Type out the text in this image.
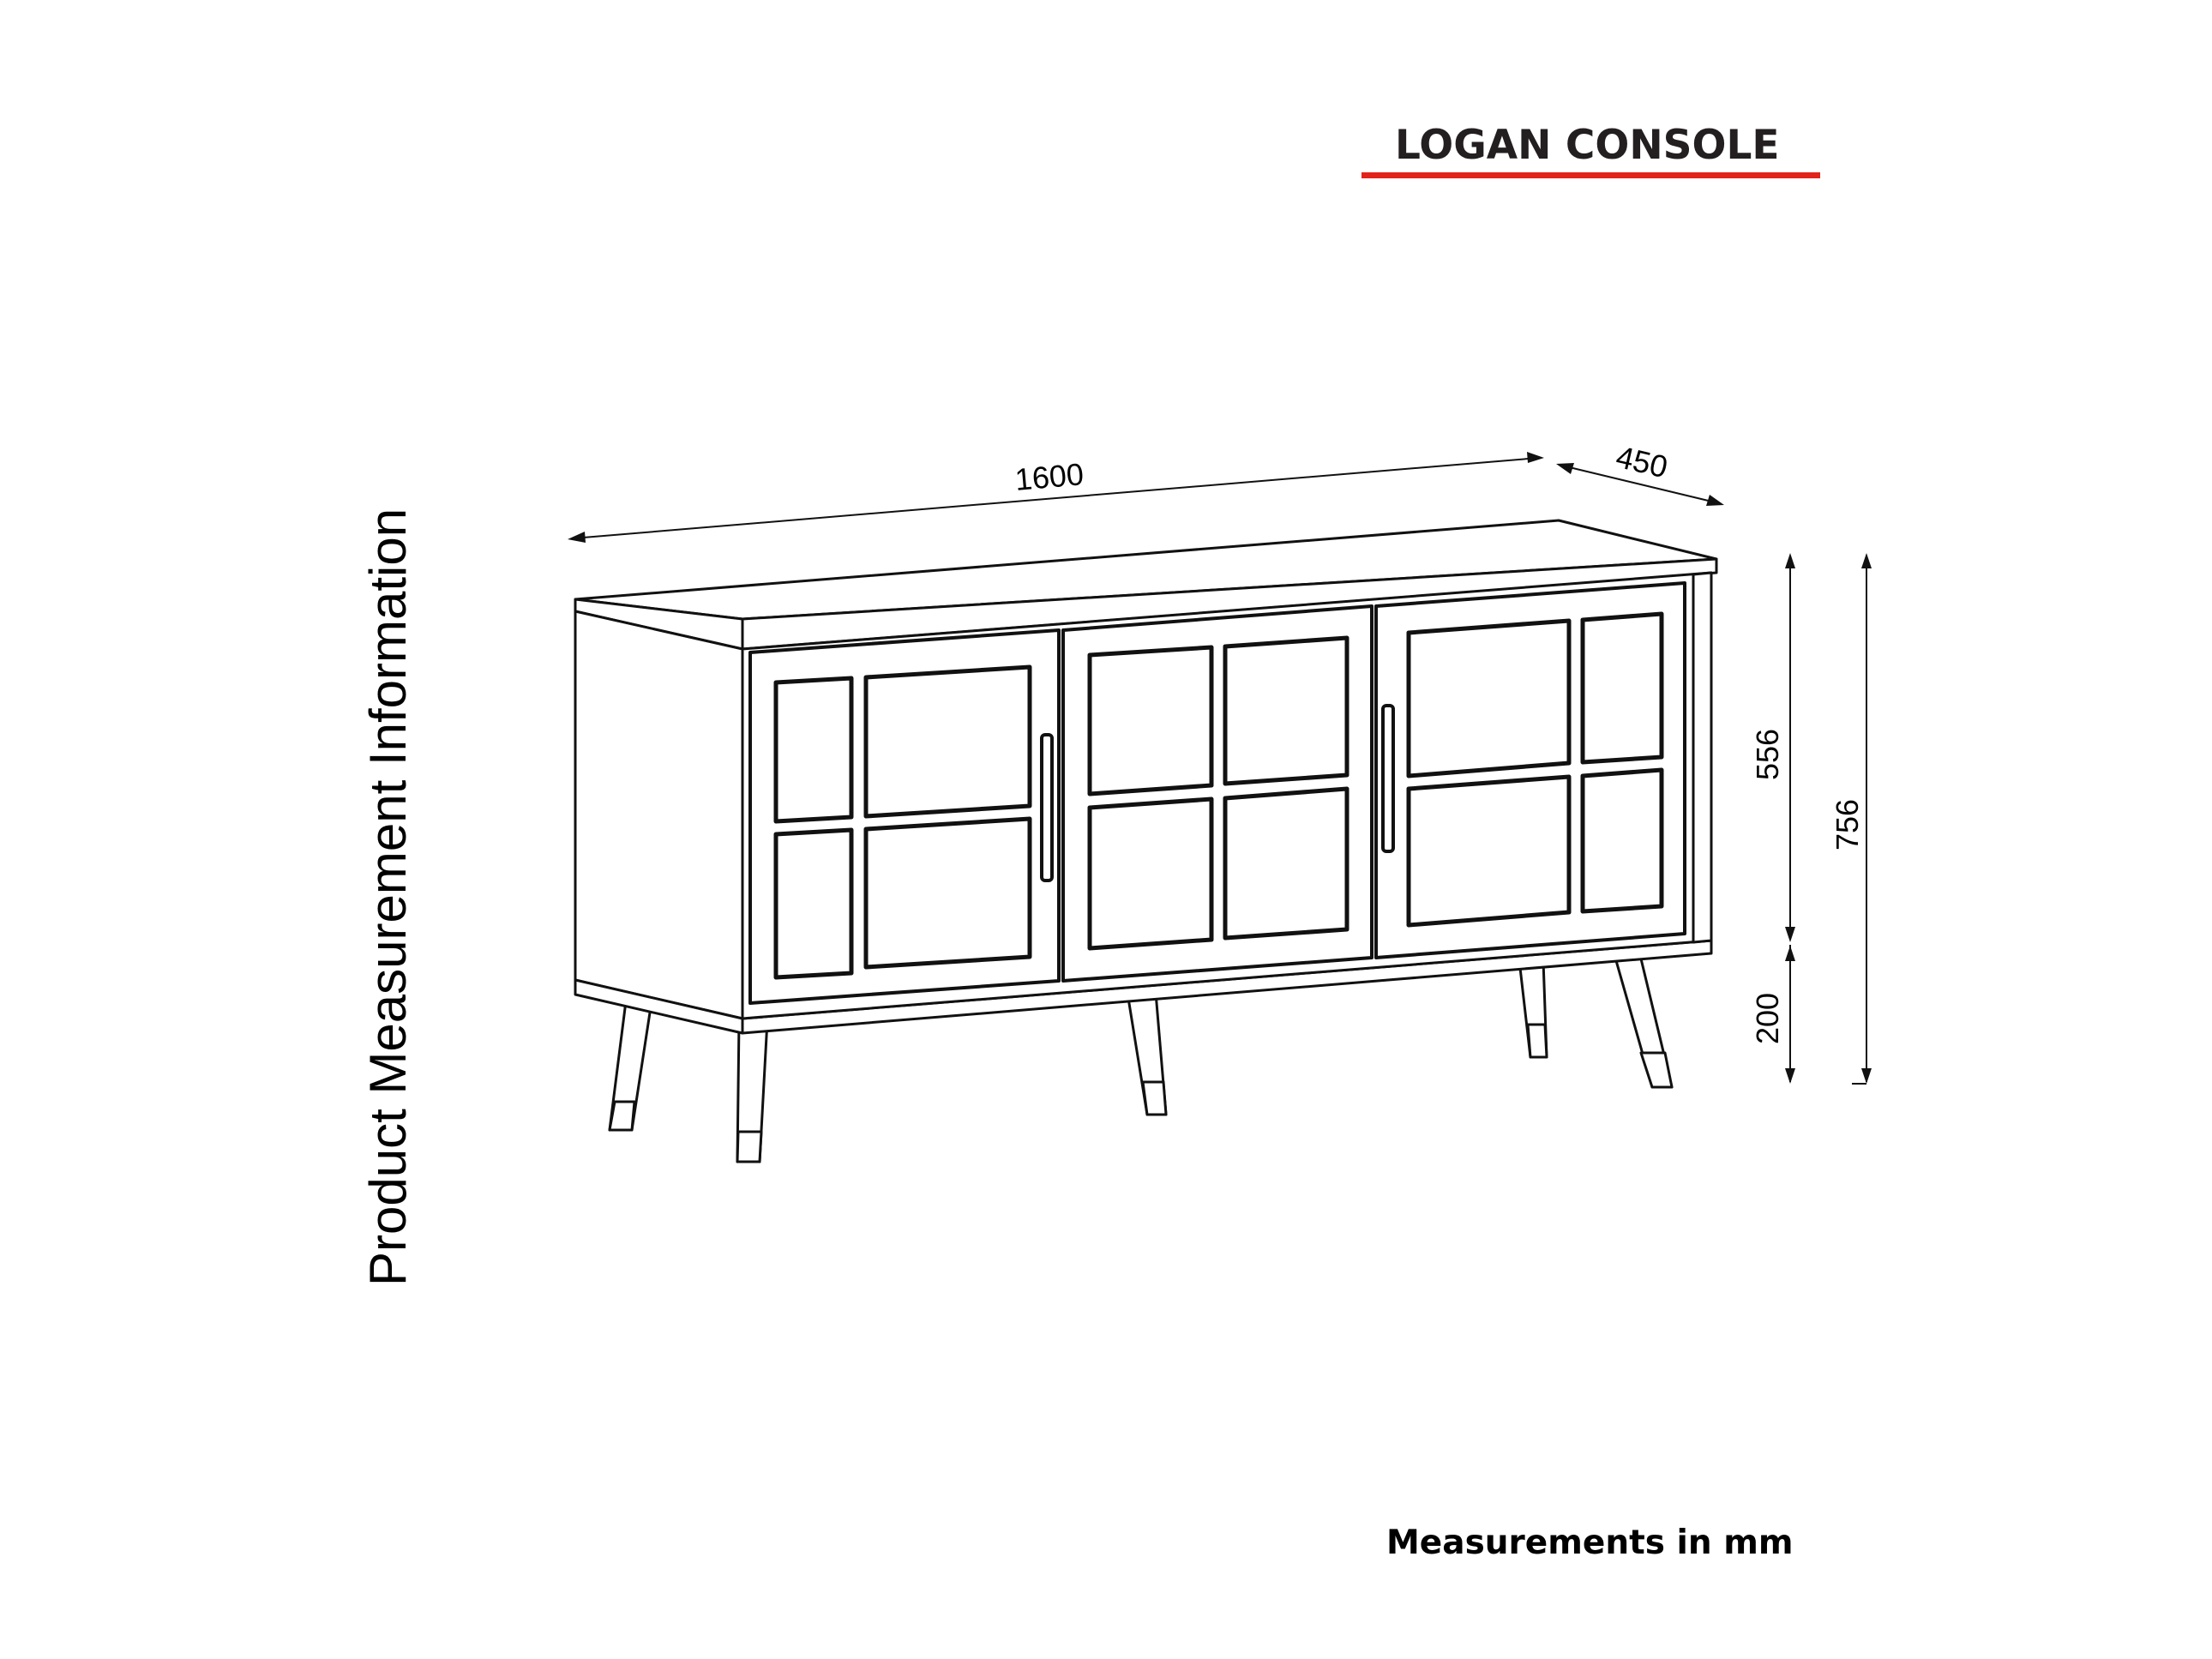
LOGAN CONSOLE
Product Measurement Information
1600	450
556
200
756
Measurements in mm
